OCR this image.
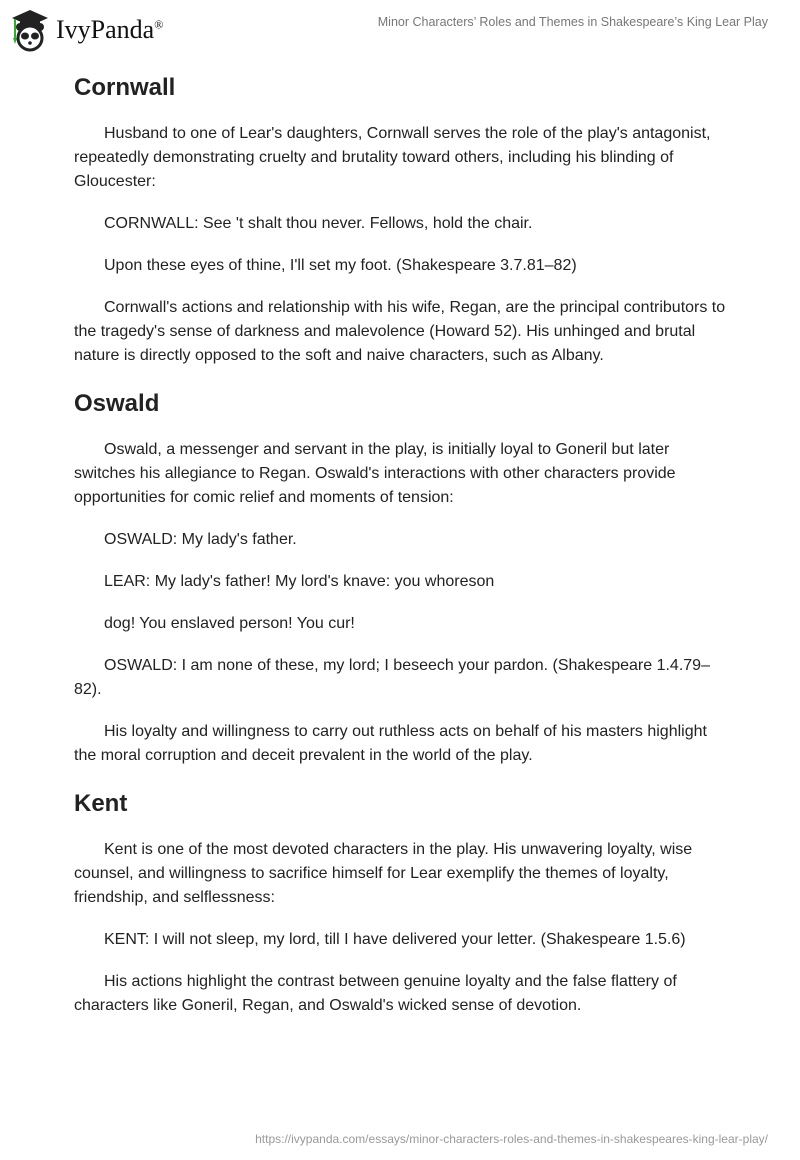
IvyPanda®	Minor Characters’ Roles and Themes in Shakespeare’s King Lear Play
Cornwall

Husband to one of Lear's daughters, Cornwall serves the role of the play's antagonist, repeatedly demonstrating cruelty and brutality toward others, including his blinding of Gloucester:

CORNWALL: See 't shalt thou never. Fellows, hold the chair.

Upon these eyes of thine, I'll set my foot. (Shakespeare 3.7.81–82)

Cornwall's actions and relationship with his wife, Regan, are the principal contributors to the tragedy's sense of darkness and malevolence (Howard 52). His unhinged and brutal nature is directly opposed to the soft and naive characters, such as Albany.

Oswald

Oswald, a messenger and servant in the play, is initially loyal to Goneril but later switches his allegiance to Regan. Oswald's interactions with other characters provide opportunities for comic relief and moments of tension:

OSWALD: My lady's father.

LEAR: My lady's father! My lord's knave: you whoreson

dog! You enslaved person! You cur!

OSWALD: I am none of these, my lord; I beseech your pardon. (Shakespeare 1.4.79–82).

His loyalty and willingness to carry out ruthless acts on behalf of his masters highlight the moral corruption and deceit prevalent in the world of the play.

Kent

Kent is one of the most devoted characters in the play. His unwavering loyalty, wise counsel, and willingness to sacrifice himself for Lear exemplify the themes of loyalty, friendship, and selflessness:

KENT: I will not sleep, my lord, till I have delivered your letter. (Shakespeare 1.5.6)

His actions highlight the contrast between genuine loyalty and the false flattery of characters like Goneril, Regan, and Oswald's wicked sense of devotion.

https://ivypanda.com/essays/minor-characters-roles-and-themes-in-shakespeares-king-lear-play/
